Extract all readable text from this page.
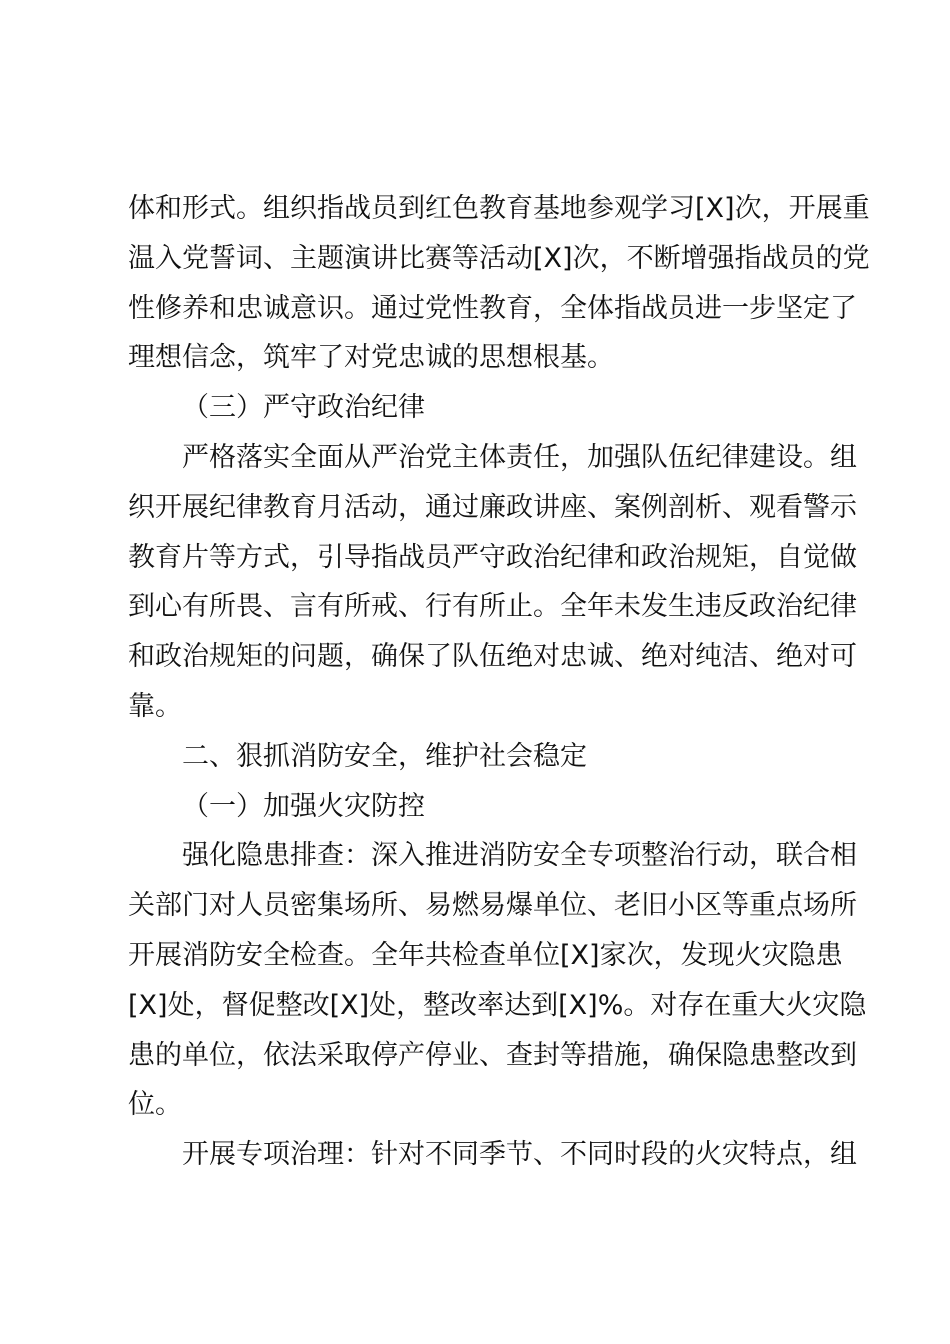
体和形式。组织指战员到红色教育基地参观学习[X]次，开展重
温入党誓词、主题演讲比赛等活动[X]次，不断增强指战员的党
性修养和忠诚意识。通过党性教育，全体指战员进一步坚定了
理想信念，筑牢了对党忠诚的思想根基。
（三）严守政治纪律
严格落实全面从严治党主体责任，加强队伍纪律建设。组
织开展纪律教育月活动，通过廉政讲座、案例剖析、观看警示
教育片等方式，引导指战员严守政治纪律和政治规矩，自觉做
到心有所畏、言有所戒、行有所止。全年未发生违反政治纪律
和政治规矩的问题，确保了队伍绝对忠诚、绝对纯洁、绝对可
靠。
二、狠抓消防安全，维护社会稳定
（一）加强火灾防控
强化隐患排查：深入推进消防安全专项整治行动，联合相
关部门对人员密集场所、易燃易爆单位、老旧小区等重点场所
开展消防安全检查。全年共检查单位[X]家次，发现火灾隐患
[X]处，督促整改[X]处，整改率达到[X]%。对存在重大火灾隐
患的单位，依法采取停产停业、查封等措施，确保隐患整改到
位。
开展专项治理：针对不同季节、不同时段的火灾特点，组
